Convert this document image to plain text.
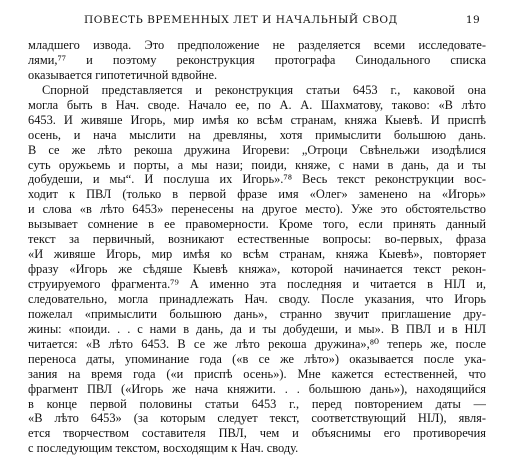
ПОВЕСТЬ ВРЕМЕННЫХ ЛЕТ И НАЧАЛЬНЫЙ СВОД	19
младшего извода. Это предположение не разделяется всеми исследовате-
лями,⁷⁷ и поэтому реконструкция протографа Синодального списка
оказывается гипотетичной вдвойне.
Спорной представляется и реконструкция статьи 6453 г., каковой она
могла быть в Нач. своде. Начало ее, по А. А. Шахматову, таково: «В лѣто
6453. И живяше Игорь, мир имѣя ко всѣм странам, княжа Кыевѣ. И приспѣ
осень, и нача мыслити на древляны, хотя примыслити большюю дань.
В се же лѣто рекоша дружина Игореви: „Отроци Свѣнельжи изодѣлися
суть оружьемь и порты, а мы нази; поиди, княже, с нами в дань, да и ты
добудеши, и мы“. И послуша их Игорь».⁷⁸ Весь текст реконструкции вос-
ходит к ПВЛ (только в первой фразе имя «Олег» заменено на «Игорь»
и слова «в лѣто 6453» перенесены на другое место). Уже это обстоятельство
вызывает сомнение в ее правомерности. Кроме того, если принять данный
текст за первичный, возникают естественные вопросы: во-первых, фраза
«И живяше Игорь, мир имѣя ко всѣм странам, княжа Кыевѣ», повторяет
фразу «Игорь же сѣдяше Кыевѣ княжа», которой начинается текст рекон-
струируемого фрагмента.⁷⁹ А именно эта последняя и читается в НIЛ и,
следовательно, могла принадлежать Нач. своду. После указания, что Игорь
пожелал «примыслити большюю дань», странно звучит приглашение дру-
жины: «поиди. . . с нами в дань, да и ты добудеши, и мы». В ПВЛ и в НIЛ
читается: «В лѣто 6453. В се же лѣто рекоша дружина»,⁸⁰ теперь же, после
переноса даты, упоминание года («в се же лѣто») оказывается после ука-
зания на время года («и приспѣ осень»). Мне кажется естественней, что
фрагмент ПВЛ («Игорь же нача княжити. . . большюю дань»), находящийся
в конце первой половины статьи 6453 г., перед повторением даты —
«В лѣто 6453» (за которым следует текст, соответствующий НIЛ), явля-
ется творчеством составителя ПВЛ, чем и объяснимы его противоречия
с последующим текстом, восходящим к Нач. своду.
